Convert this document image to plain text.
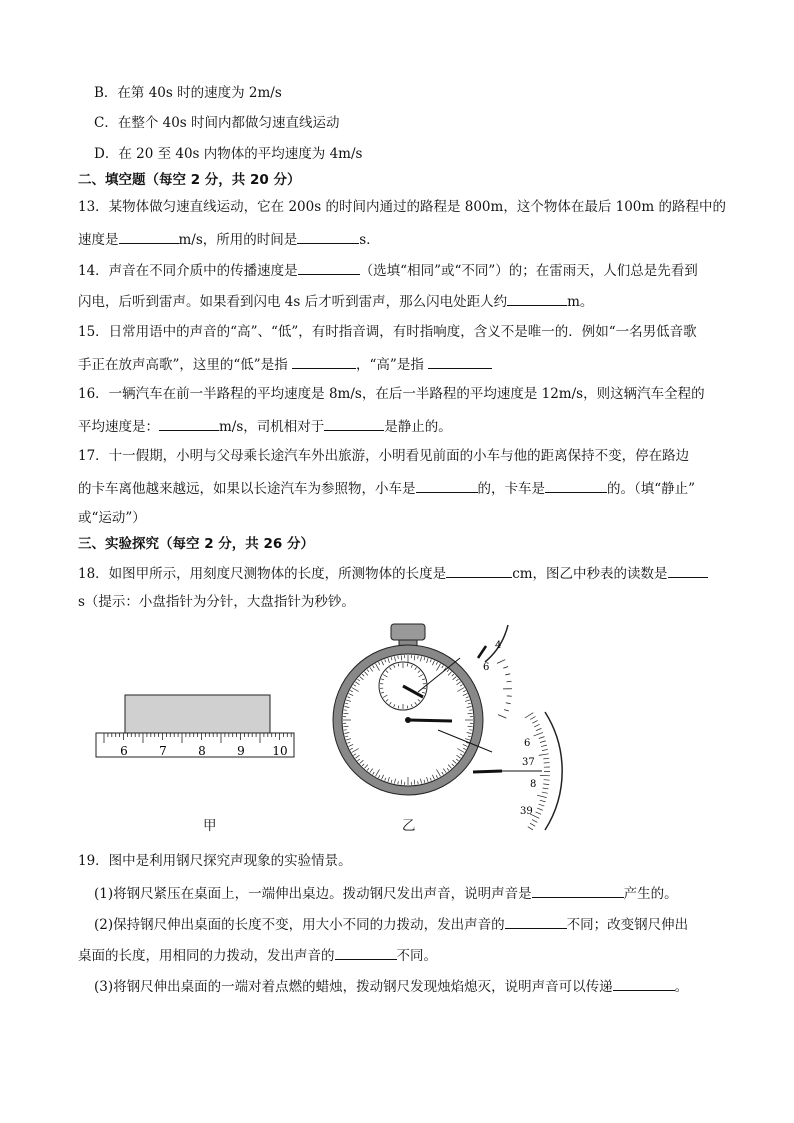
B．在第 40s 时的速度为 2m/s
C．在整个 40s 时间内都做匀速直线运动
D．在 20 至 40s 内物体的平均速度为 4m/s
二、填空题（每空 2 分，共 20 分）
13．某物体做匀速直线运动，它在 200s 的时间内通过的路程是 800m，这个物体在最后 100m 的路程中的
速度是	m/s，所用的时间是	s．
14．声音在不同介质中的传播速度是	（选填“相同”或“不同”）的；在雷雨天，人们总是先看到
闪电，后听到雷声。如果看到闪电 4s 后才听到雷声，那么闪电处距人约	m。
15．日常用语中的声音的“高”、“低”，有时指音调，有时指响度，含义不是唯一的．例如“一名男低音歌
手正在放声高歌”，这里的“低”是指	，“高”是指
16．一辆汽车在前一半路程的平均速度是 8m/s，在后一半路程的平均速度是 12m/s，则这辆汽车全程的
平均速度是：	m/s，司机相对于	是静止的。
17．十一假期，小明与父母乘长途汽车外出旅游，小明看见前面的小车与他的距离保持不变，停在路边
的卡车离他越来越远，如果以长途汽车为参照物，小车是	的，卡车是	的。（填“静止”
或“运动”）
三、实验探究（每空 2 分，共 26 分）
18．如图甲所示，用刻度尺测物体的长度，所测物体的长度是	cm，图乙中秒表的读数是
s（提示：小盘指针为分针，大盘指针为秒钞。
6	7	8	9 10
4
6
6
37
8
39
甲	乙
19．图中是利用钢尺探究声现象的实验情景。
(1)将钢尺紧压在桌面上，一端伸出桌边。拨动钢尺发出声音，说明声音是	产生的。
(2)保持钢尺伸出桌面的长度不变，用大小不同的力拨动，发出声音的	不同；改变钢尺伸出
桌面的长度，用相同的力拨动，发出声音的	不同。
(3)将钢尺伸出桌面的一端对着点燃的蜡烛，拨动钢尺发现烛焰熄灭，说明声音可以传递	。
